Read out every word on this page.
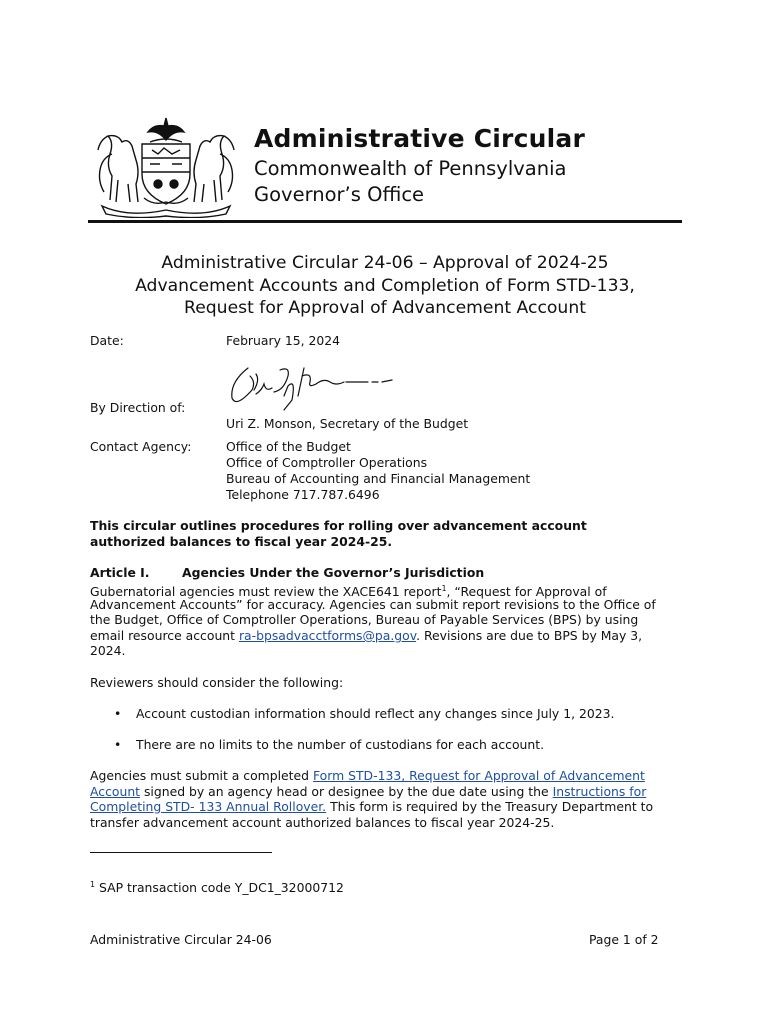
Administrative Circular
Commonwealth of Pennsylvania
Governor’s Office
Administrative Circular 24-06 – Approval of 2024-25
Advancement Accounts and Completion of Form STD-133,
Request for Approval of Advancement Account
Date:	February 15, 2024
By Direction of:
Uri Z. Monson, Secretary of the Budget
Contact Agency:	Office of the Budget
Office of Comptroller Operations
Bureau of Accounting and Financial Management
Telephone 717.787.6496
This circular outlines procedures for rolling over advancement account
authorized balances to fiscal year 2024-25.
Article I.	Agencies Under the Governor’s Jurisdiction
Gubernatorial agencies must review the XACE641 report$^1$, “Request for Approval of
Advancement Accounts” for accuracy. Agencies can submit report revisions to the Office of
the Budget, Office of Comptroller Operations, Bureau of Payable Services (BPS) by using
email resource account ra-bpsadvacctforms@pa.gov. Revisions are due to BPS by May 3,
2024.
Reviewers should consider the following:
• Account custodian information should reflect any changes since July 1, 2023.
• There are no limits to the number of custodians for each account.
Agencies must submit a completed Form STD-133, Request for Approval of Advancement
Account signed by an agency head or designee by the due date using the Instructions for
Completing STD- 133 Annual Rollover. This form is required by the Treasury Department to
transfer advancement account authorized balances to fiscal year 2024-25.
$^1$ SAP transaction code Y_DC1_32000712
Administrative Circular 24-06	Page 1 of 2
